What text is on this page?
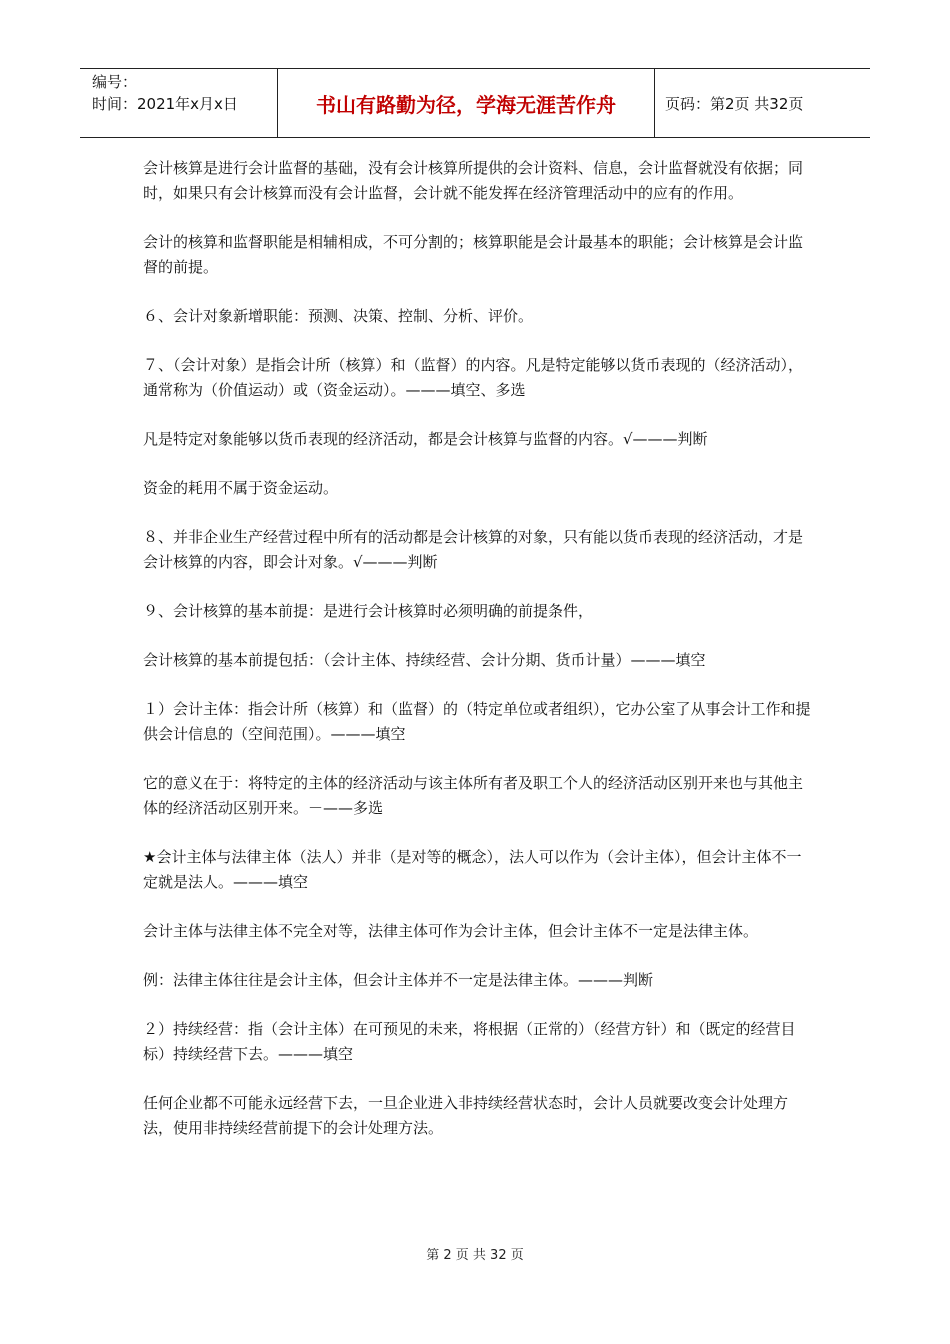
编号：
时间：2021年x月x日	书山有路勤为径，学海无涯苦作舟	页码：第2页 共32页

会计核算是进行会计监督的基础，没有会计核算所提供的会计资料、信息，会计监督就没有依据；同时，如果只有会计核算而没有会计监督，会计就不能发挥在经济管理活动中的应有的作用。

会计的核算和监督职能是相辅相成，不可分割的；核算职能是会计最基本的职能；会计核算是会计监督的前提。

６、会计对象新增职能：预测、决策、控制、分析、评价。

７、（会计对象）是指会计所（核算）和（监督）的内容。凡是特定能够以货币表现的（经济活动），通常称为（价值运动）或（资金运动）。———填空、多选

凡是特定对象能够以货币表现的经济活动，都是会计核算与监督的内容。√———判断

资金的耗用不属于资金运动。

８、并非企业生产经营过程中所有的活动都是会计核算的对象，只有能以货币表现的经济活动，才是会计核算的内容，即会计对象。√———判断

９、会计核算的基本前提：是进行会计核算时必须明确的前提条件，

会计核算的基本前提包括：（会计主体、持续经营、会计分期、货币计量）———填空

１）会计主体：指会计所（核算）和（监督）的（特定单位或者组织），它办公室了从事会计工作和提供会计信息的（空间范围）。———填空

它的意义在于：将特定的主体的经济活动与该主体所有者及职工个人的经济活动区别开来也与其他主体的经济活动区别开来。－——多选

★会计主体与法律主体（法人）并非（是对等的概念），法人可以作为（会计主体），但会计主体不一定就是法人。———填空

会计主体与法律主体不完全对等，法律主体可作为会计主体，但会计主体不一定是法律主体。

例：法律主体往往是会计主体，但会计主体并不一定是法律主体。———判断

２）持续经营：指（会计主体）在可预见的未来，将根据（正常的）（经营方针）和（既定的经营目标）持续经营下去。———填空

任何企业都不可能永远经营下去，一旦企业进入非持续经营状态时，会计人员就要改变会计处理方法，使用非持续经营前提下的会计处理方法。

第 2 页 共 32 页
